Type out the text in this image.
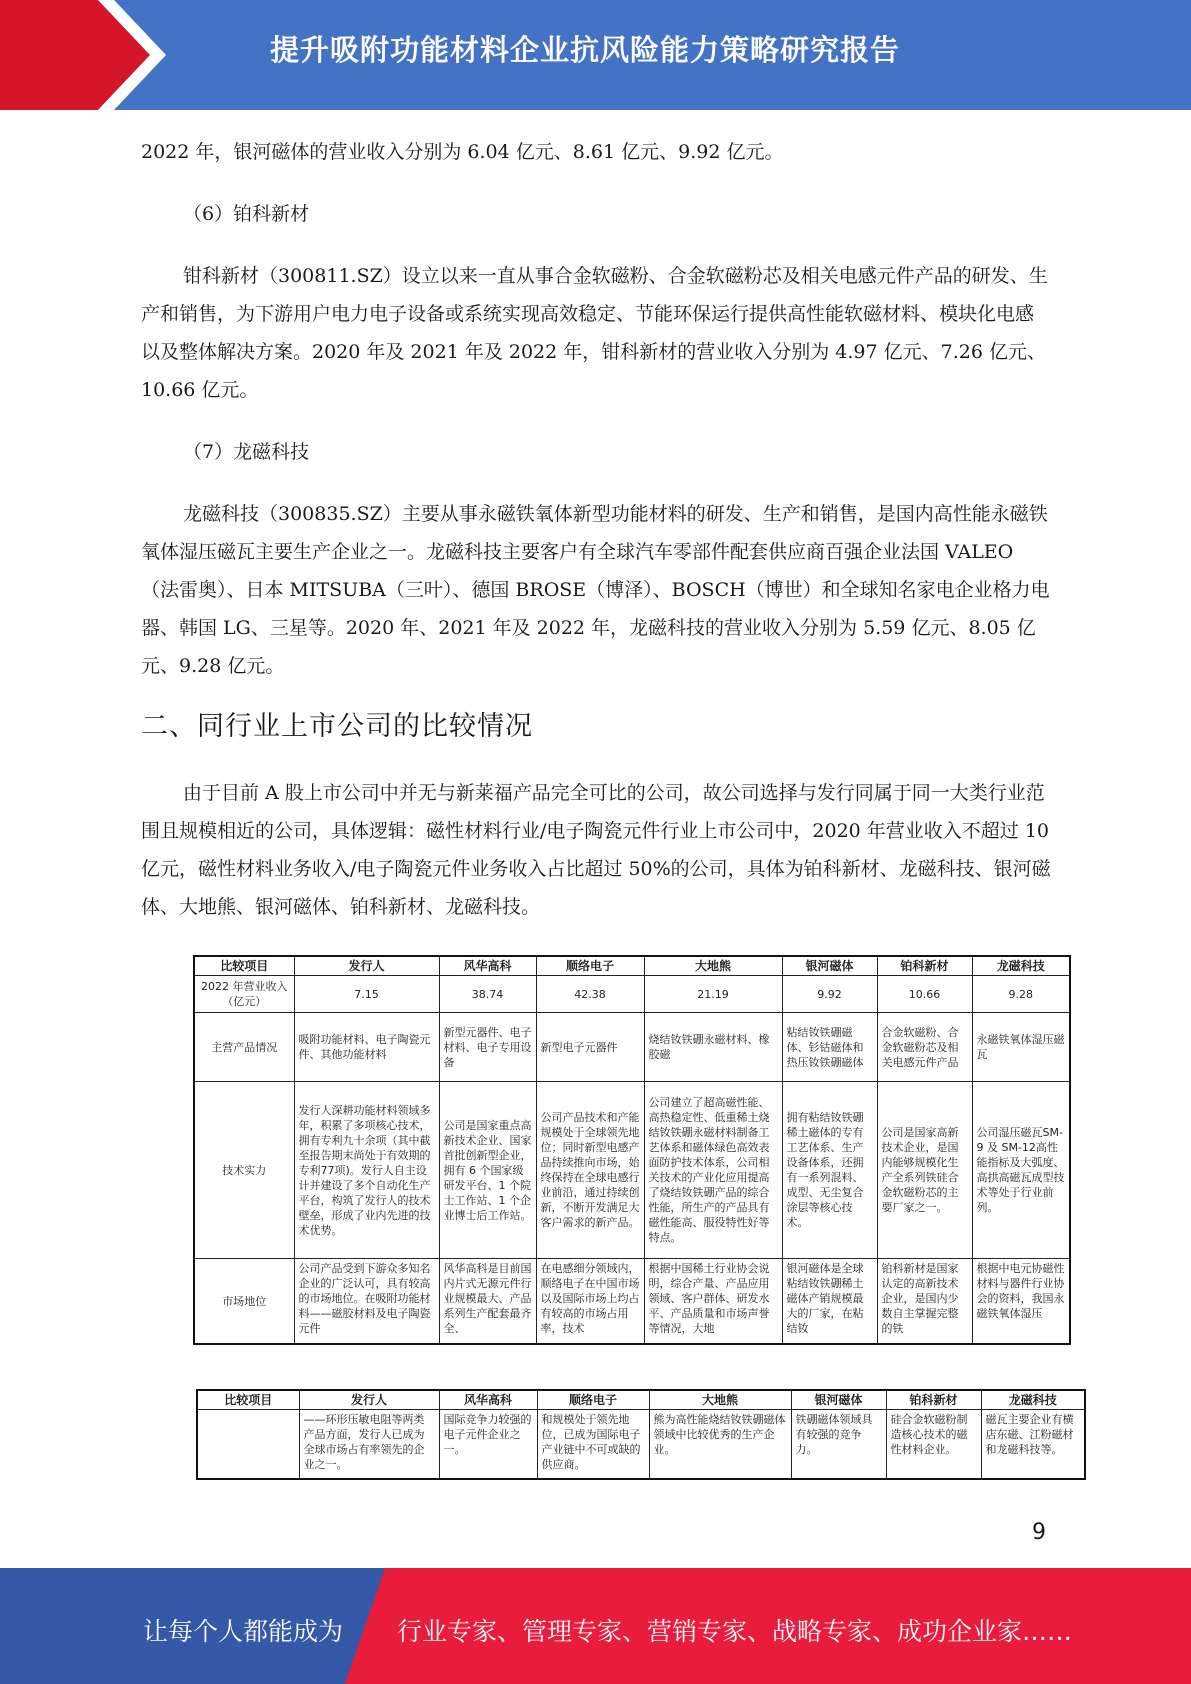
提升吸附功能材料企业抗风险能力策略研究报告

2022 年，银河磁体的营业收入分别为 6.04 亿元、8.61 亿元、9.92 亿元。

（6）铂科新材

钳科新材（300811.SZ）设立以来一直从事合金软磁粉、合金软磁粉芯及相关电感元件产品的研发、生产和销售，为下游用户电力电子设备或系统实现高效稳定、节能环保运行提供高性能软磁材料、模块化电感以及整体解决方案。2020 年及 2021 年及 2022 年，钳科新材的营业收入分别为 4.97 亿元、7.26 亿元、10.66 亿元。

（7）龙磁科技

龙磁科技（300835.SZ）主要从事永磁铁氧体新型功能材料的研发、生产和销售，是国内高性能永磁铁氧体湿压磁瓦主要生产企业之一。龙磁科技主要客户有全球汽车零部件配套供应商百强企业法国 VALEO（法雷奥）、日本 MITSUBA（三叶）、德国 BROSE（博泽）、BOSCH（博世）和全球知名家电企业格力电器、韩国 LG、三星等。2020 年、2021 年及 2022 年，龙磁科技的营业收入分别为 5.59 亿元、8.05 亿元、9.28 亿元。

二、同行业上市公司的比较情况

由于目前 A 股上市公司中并无与新莱福产品完全可比的公司，故公司选择与发行同属于同一大类行业范围且规模相近的公司，具体逻辑：磁性材料行业/电子陶瓷元件行业上市公司中，2020 年营业收入不超过 10 亿元，磁性材料业务收入/电子陶瓷元件业务收入占比超过 50%的公司，具体为铂科新材、龙磁科技、银河磁体、大地熊、银河磁体、铂科新材、龙磁科技。

比较项目	发行人	风华高科	顺络电子	大地熊	银河磁体	铂科新材	龙磁科技
2022 年营业收入（亿元）	7.15	38.74	42.38	21.19	9.92	10.66	9.28
主营产品情况	吸附功能材料、电子陶瓷元件、其他功能材料	新型元器件、电子材料、电子专用设备	新型电子元器件	烧结钕铁硼永磁材料、橡胶磁	粘结钕铁硼磁体、钐钴磁体和热压钕铁硼磁体	合金软磁粉、合金软磁粉芯及相关电感元件产品	永磁铁氧体湿压磁瓦
技术实力	发行人深耕功能材料领域多年，积累了多项核心技术，拥有专利九十余项（其中截至报告期末尚处于有效期的专利77项)。发行人自主设计并建设了多个自动化生产平台，构筑了发行人的技术壁垒，形成了业内先进的技术优势。	公司是国家重点高新技术企业、国家首批创新型企业，拥有 6 个国家级研发平台、1 个院士工作站、1 个企业博士后工作站。	公司产品技术和产能规模处于全球领先地位；同时新型电感产品持续推向市场，始终保持在全球电感行业前沿，通过持续创新，不断开发满足大客户需求的新产品。	公司建立了超高磁性能、高热稳定性、低重稀土烧结钕铁硼永磁材料制备工艺体系和磁体绿色高效表面防护技术体系，公司相关技术的产业化应用提高了烧结钕铁硼产品的综合性能，所生产的产品具有磁性能高、服役特性好等特点。	拥有粘结钕铁硼稀土磁体的专有工艺体系、生产设备体系，还拥有一系列混料、成型、无尘复合涂层等核心技术。	公司是国家高新技术企业，是国内能够规模化生产全系列铁硅合金软磁粉芯的主要厂家之一。	公司湿压磁瓦SM-9 及 SM-12高性能指标及大弧度、高拱高磁瓦成型技术等处于行业前列。
市场地位	公司产品受到下游众多知名企业的广泛认可，具有较高的市场地位。在吸附功能材料——磁胶材料及电子陶瓷元件	风华高科是目前国内片式无源元件行业规模最大、产品系列生产配套最齐全、	在电感细分领域内，顺络电子在中国市场以及国际市场上均占有较高的市场占用率，技术	根据中国稀土行业协会说明，综合产量、产品应用领域、客户群体、研发水平、产品质量和市场声誉等情况，大地	银河磁体是全球粘结钕铁硼稀土磁体产销规模最大的厂家，在粘结钕	铂科新材是国家认定的高新技术企业，是国内少数自主掌握完整的铁	根据中电元协磁性材料与器件行业协会的资料，我国永磁铁氧体湿压
比较项目	发行人	风华高科	顺络电子	大地熊	银河磁体	铂科新材	龙磁科技
	——环形压敏电阻等两类产品方面，发行人已成为全球市场占有率领先的企业之一。	国际竞争力较强的电子元件企业之一。	和规模处于领先地位，已成为国际电子产业链中不可或缺的供应商。	熊为高性能烧结钕铁硼磁体领域中比较优秀的生产企业。	铁硼磁体领域具有较强的竞争力。	硅合金软磁粉制造核心技术的磁性材料企业。	磁瓦主要企业有横店东磁、江粉磁材和龙磁科技等。
9
让每个人都能成为 行业专家、管理专家、营销专家、战略专家、成功企业家……
